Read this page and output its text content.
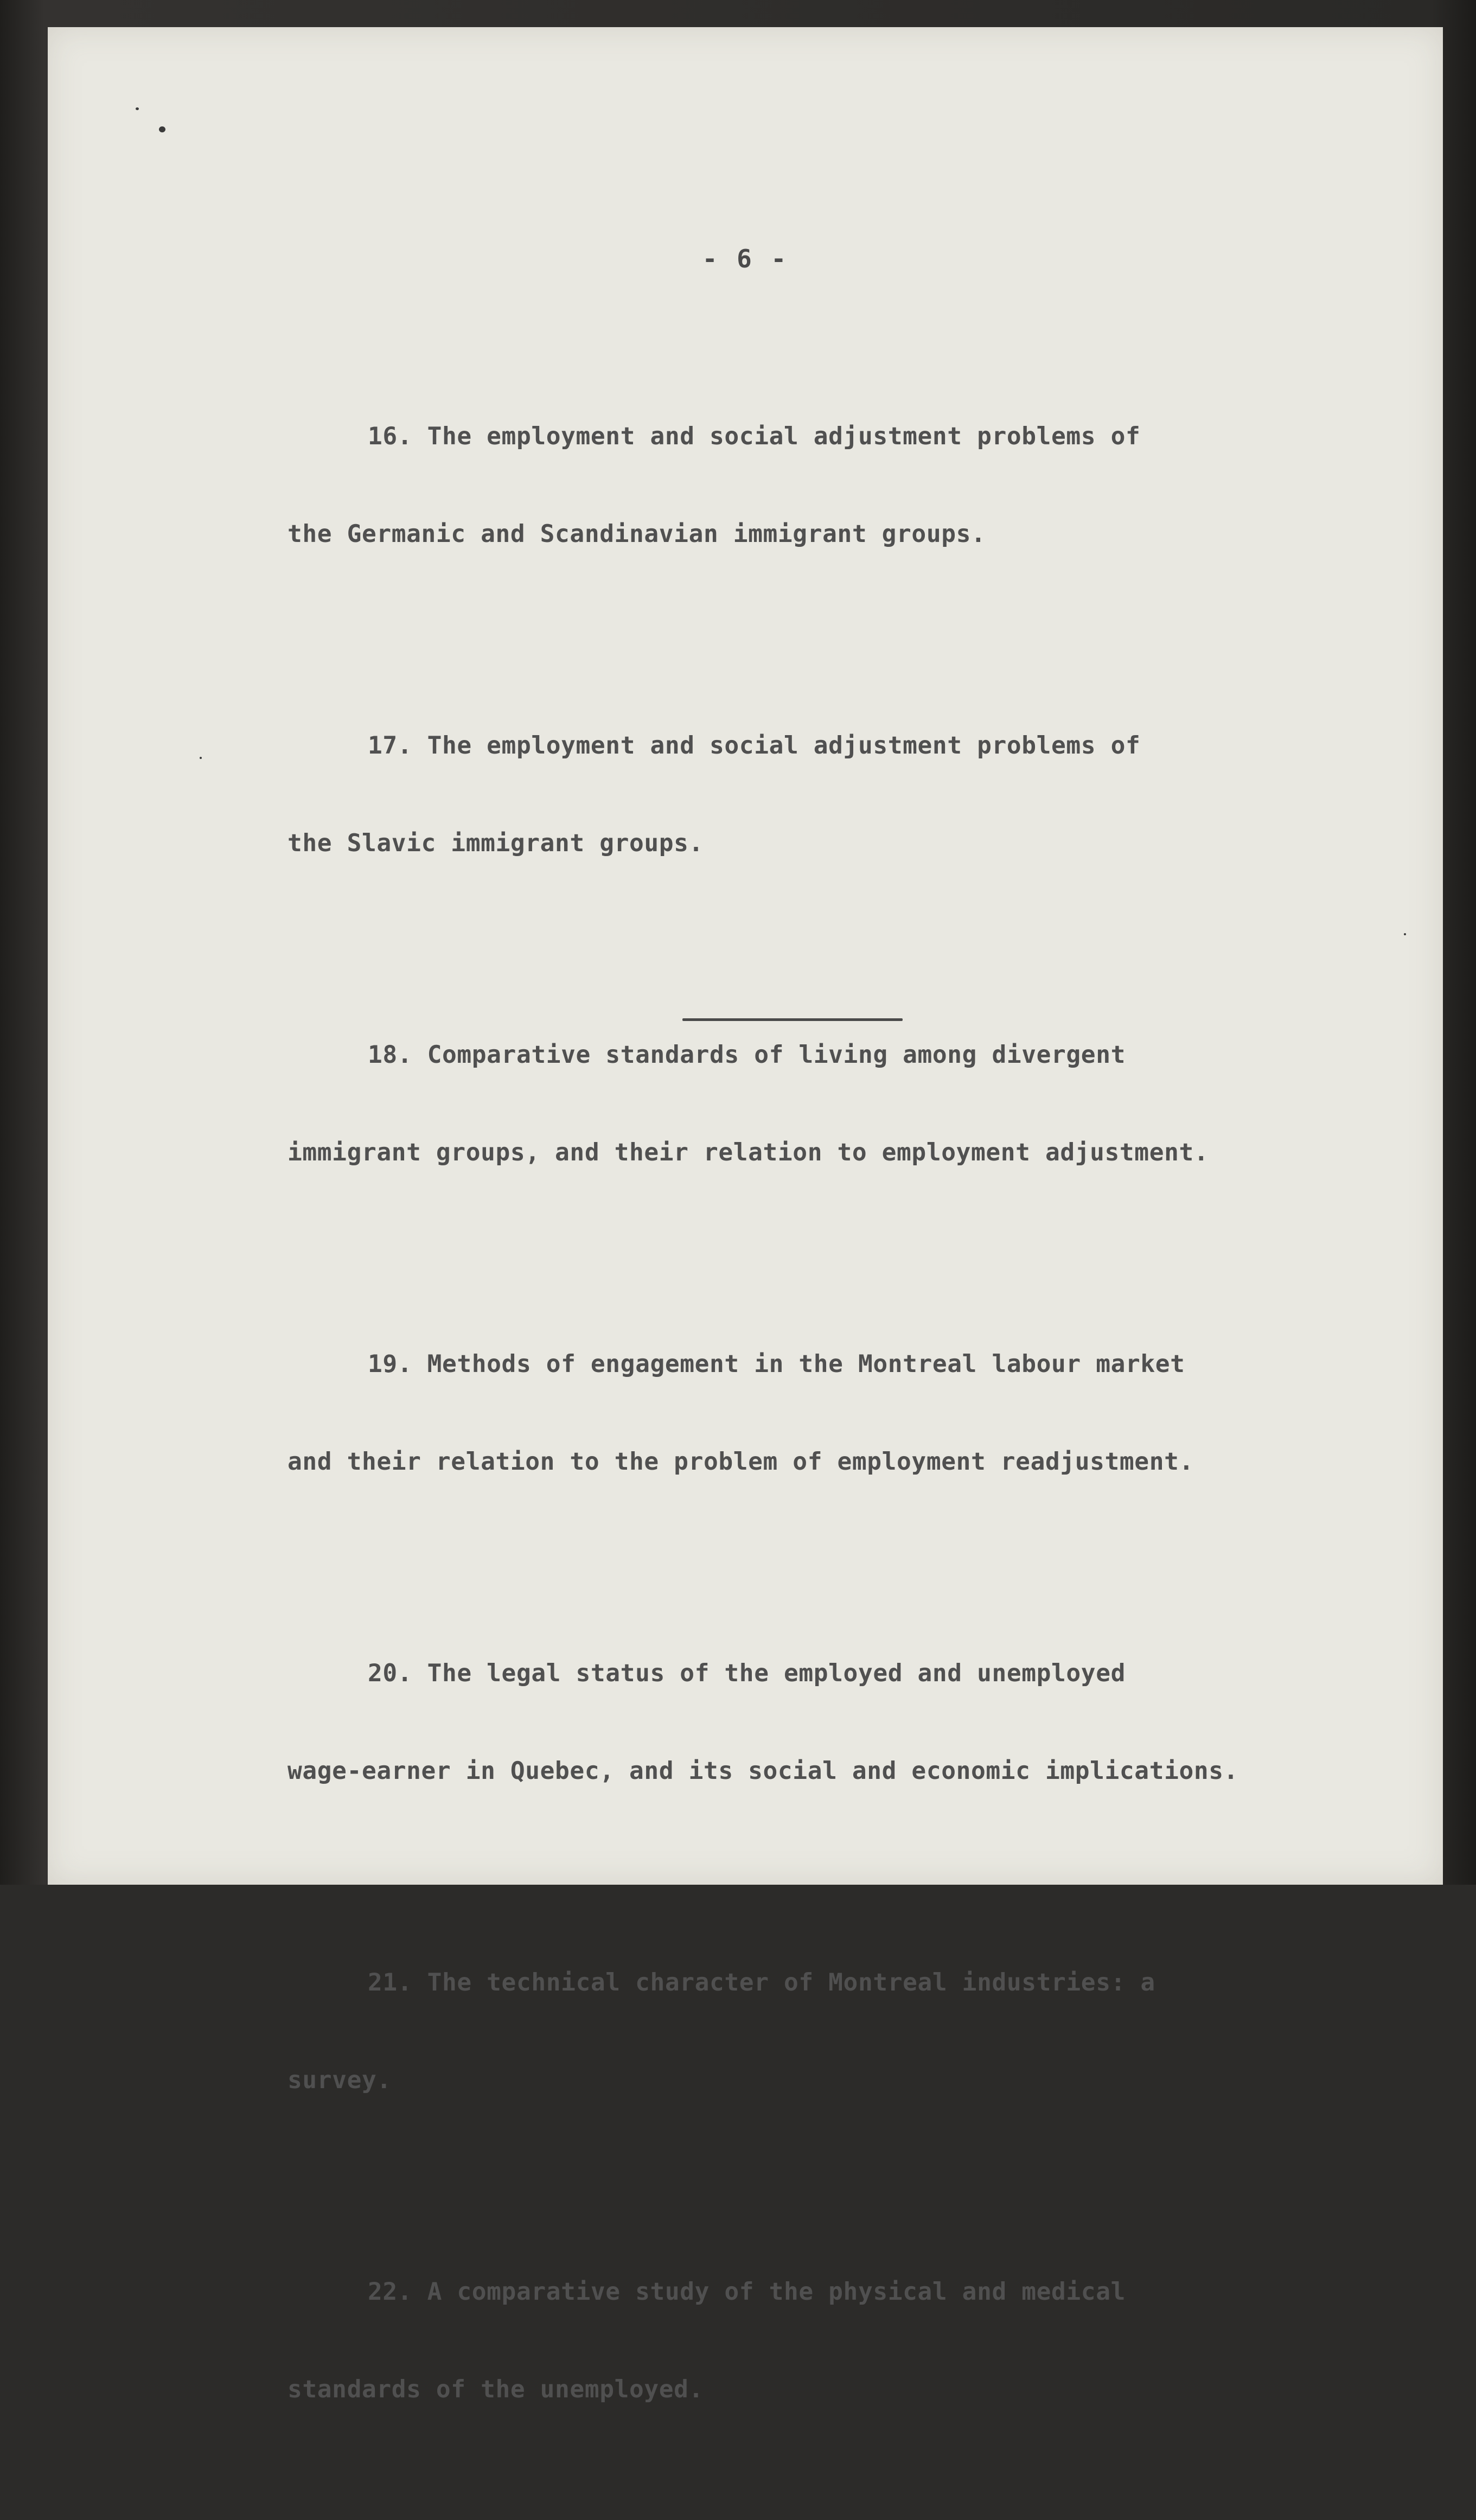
- 6 -

16. The employment and social adjustment problems of

the Germanic and Scandinavian immigrant groups.

17. The employment and social adjustment problems of

the Slavic immigrant groups.

18. Comparative standards of living among divergent

immigrant groups, and their relation to employment adjustment.

19. Methods of engagement in the Montreal labour market

and their relation to the problem of employment readjustment.

20. The legal status of the employed and unemployed

wage-earner in Quebec, and its social and economic implications.

21. The technical character of Montreal industries: a

survey.

22. A comparative study of the physical and medical

standards of the unemployed.
